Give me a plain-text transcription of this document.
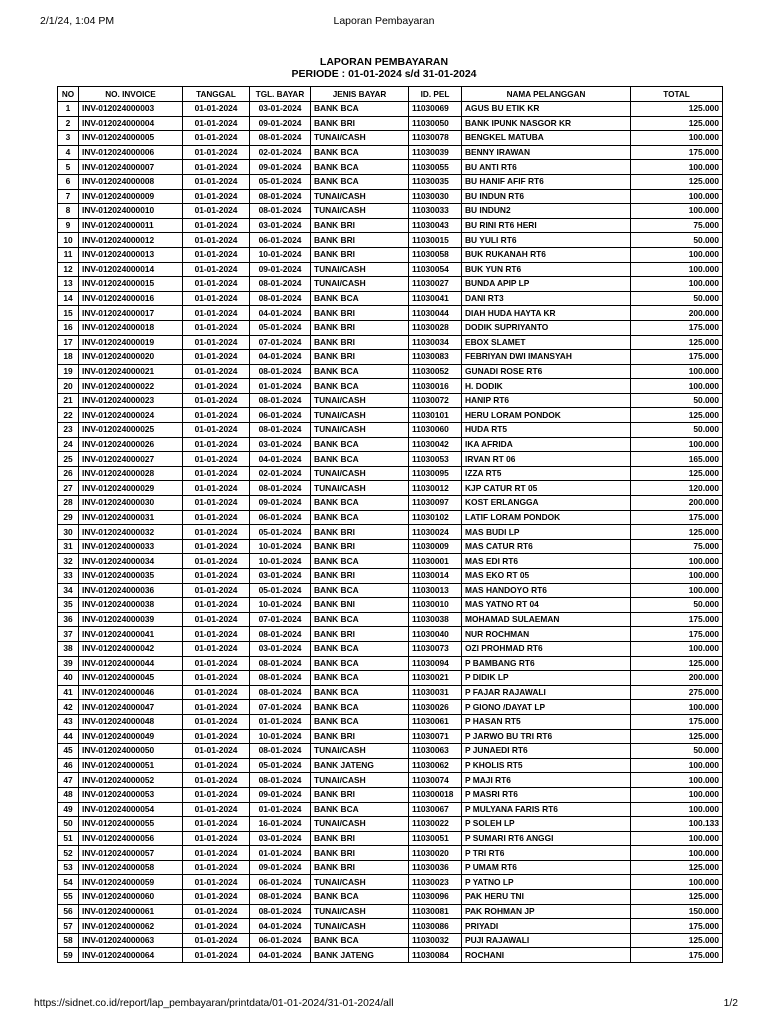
2/1/24, 1:04 PM	Laporan Pembayaran
LAPORAN PEMBAYARAN
PERIODE : 01-01-2024 s/d 31-01-2024
NO	NO. INVOICE	TANGGAL	TGL. BAYAR	JENIS BAYAR	ID. PEL	NAMA PELANGGAN	TOTAL
1	INV-012024000003	01-01-2024	03-01-2024	BANK BCA	11030069	AGUS BU ETIK KR	125.000
2	INV-012024000004	01-01-2024	09-01-2024	BANK BRI	11030050	BANK IPUNK NASGOR KR	125.000
3	INV-012024000005	01-01-2024	08-01-2024	TUNAI/CASH	11030078	BENGKEL MATUBA	100.000
4	INV-012024000006	01-01-2024	02-01-2024	BANK BCA	11030039	BENNY IRAWAN	175.000
5	INV-012024000007	01-01-2024	09-01-2024	BANK BCA	11030055	BU ANTI RT6	100.000
6	INV-012024000008	01-01-2024	05-01-2024	BANK BCA	11030035	BU HANIF AFIF RT6	125.000
7	INV-012024000009	01-01-2024	08-01-2024	TUNAI/CASH	11030030	BU INDUN RT6	100.000
8	INV-012024000010	01-01-2024	08-01-2024	TUNAI/CASH	11030033	BU INDUN2	100.000
9	INV-012024000011	01-01-2024	03-01-2024	BANK BRI	11030043	BU RINI RT6 HERI	75.000
10	INV-012024000012	01-01-2024	06-01-2024	BANK BRI	11030015	BU YULI RT6	50.000
11	INV-012024000013	01-01-2024	10-01-2024	BANK BRI	11030058	BUK RUKANAH RT6	100.000
12	INV-012024000014	01-01-2024	09-01-2024	TUNAI/CASH	11030054	BUK YUN RT6	100.000
13	INV-012024000015	01-01-2024	08-01-2024	TUNAI/CASH	11030027	BUNDA APIP LP	100.000
14	INV-012024000016	01-01-2024	08-01-2024	BANK BCA	11030041	DANI RT3	50.000
15	INV-012024000017	01-01-2024	04-01-2024	BANK BRI	11030044	DIAH HUDA HAYTA KR	200.000
16	INV-012024000018	01-01-2024	05-01-2024	BANK BRI	11030028	DODIK SUPRIYANTO	175.000
17	INV-012024000019	01-01-2024	07-01-2024	BANK BRI	11030034	EBOX SLAMET	125.000
18	INV-012024000020	01-01-2024	04-01-2024	BANK BRI	11030083	FEBRIYAN DWI IMANSYAH	175.000
19	INV-012024000021	01-01-2024	08-01-2024	BANK BCA	11030052	GUNADI ROSE RT6	100.000
20	INV-012024000022	01-01-2024	01-01-2024	BANK BCA	11030016	H. DODIK	100.000
21	INV-012024000023	01-01-2024	08-01-2024	TUNAI/CASH	11030072	HANIP RT6	50.000
22	INV-012024000024	01-01-2024	06-01-2024	TUNAI/CASH	11030101	HERU LORAM PONDOK	125.000
23	INV-012024000025	01-01-2024	08-01-2024	TUNAI/CASH	11030060	HUDA RT5	50.000
24	INV-012024000026	01-01-2024	03-01-2024	BANK BCA	11030042	IKA AFRIDA	100.000
25	INV-012024000027	01-01-2024	04-01-2024	BANK BCA	11030053	IRVAN RT 06	165.000
26	INV-012024000028	01-01-2024	02-01-2024	TUNAI/CASH	11030095	IZZA RT5	125.000
27	INV-012024000029	01-01-2024	08-01-2024	TUNAI/CASH	11030012	KJP CATUR RT 05	120.000
28	INV-012024000030	01-01-2024	09-01-2024	BANK BCA	11030097	KOST ERLANGGA	200.000
29	INV-012024000031	01-01-2024	06-01-2024	BANK BCA	11030102	LATIF LORAM PONDOK	175.000
30	INV-012024000032	01-01-2024	05-01-2024	BANK BRI	11030024	MAS BUDI LP	125.000
31	INV-012024000033	01-01-2024	10-01-2024	BANK BRI	11030009	MAS CATUR RT6	75.000
32	INV-012024000034	01-01-2024	10-01-2024	BANK BCA	11030001	MAS EDI RT6	100.000
33	INV-012024000035	01-01-2024	03-01-2024	BANK BRI	11030014	MAS EKO RT 05	100.000
34	INV-012024000036	01-01-2024	05-01-2024	BANK BCA	11030013	MAS HANDOYO RT6	100.000
35	INV-012024000038	01-01-2024	10-01-2024	BANK BNI	11030010	MAS YATNO RT 04	50.000
36	INV-012024000039	01-01-2024	07-01-2024	BANK BCA	11030038	MOHAMAD SULAEMAN	175.000
37	INV-012024000041	01-01-2024	08-01-2024	BANK BRI	11030040	NUR ROCHMAN	175.000
38	INV-012024000042	01-01-2024	03-01-2024	BANK BCA	11030073	OZI PROHMAD RT6	100.000
39	INV-012024000044	01-01-2024	08-01-2024	BANK BCA	11030094	P BAMBANG RT6	125.000
40	INV-012024000045	01-01-2024	08-01-2024	BANK BCA	11030021	P DIDIK LP	200.000
41	INV-012024000046	01-01-2024	08-01-2024	BANK BCA	11030031	P FAJAR RAJAWALI	275.000
42	INV-012024000047	01-01-2024	07-01-2024	BANK BCA	11030026	P GIONO /DAYAT LP	100.000
43	INV-012024000048	01-01-2024	01-01-2024	BANK BCA	11030061	P HASAN RT5	175.000
44	INV-012024000049	01-01-2024	10-01-2024	BANK BRI	11030071	P JARWO BU TRI RT6	125.000
45	INV-012024000050	01-01-2024	08-01-2024	TUNAI/CASH	11030063	P JUNAEDI RT6	50.000
46	INV-012024000051	01-01-2024	05-01-2024	BANK JATENG	11030062	P KHOLIS RT5	100.000
47	INV-012024000052	01-01-2024	08-01-2024	TUNAI/CASH	11030074	P MAJI RT6	100.000
48	INV-012024000053	01-01-2024	09-01-2024	BANK BRI	110300018	P MASRI RT6	100.000
49	INV-012024000054	01-01-2024	01-01-2024	BANK BCA	11030067	P MULYANA FARIS RT6	100.000
50	INV-012024000055	01-01-2024	16-01-2024	TUNAI/CASH	11030022	P SOLEH LP	100.133
51	INV-012024000056	01-01-2024	03-01-2024	BANK BRI	11030051	P SUMARI RT6 ANGGI	100.000
52	INV-012024000057	01-01-2024	01-01-2024	BANK BRI	11030020	P TRI RT6	100.000
53	INV-012024000058	01-01-2024	09-01-2024	BANK BRI	11030036	P UMAM RT6	125.000
54	INV-012024000059	01-01-2024	06-01-2024	TUNAI/CASH	11030023	P YATNO LP	100.000
55	INV-012024000060	01-01-2024	08-01-2024	BANK BCA	11030096	PAK HERU TNI	125.000
56	INV-012024000061	01-01-2024	08-01-2024	TUNAI/CASH	11030081	PAK ROHMAN JP	150.000
57	INV-012024000062	01-01-2024	04-01-2024	TUNAI/CASH	11030086	PRIYADI	175.000
58	INV-012024000063	01-01-2024	06-01-2024	BANK BCA	11030032	PUJI RAJAWALI	125.000
59	INV-012024000064	01-01-2024	04-01-2024	BANK JATENG	11030084	ROCHANI	175.000
https://sidnet.co.id/report/lap_pembayaran/printdata/01-01-2024/31-01-2024/all	1/2
